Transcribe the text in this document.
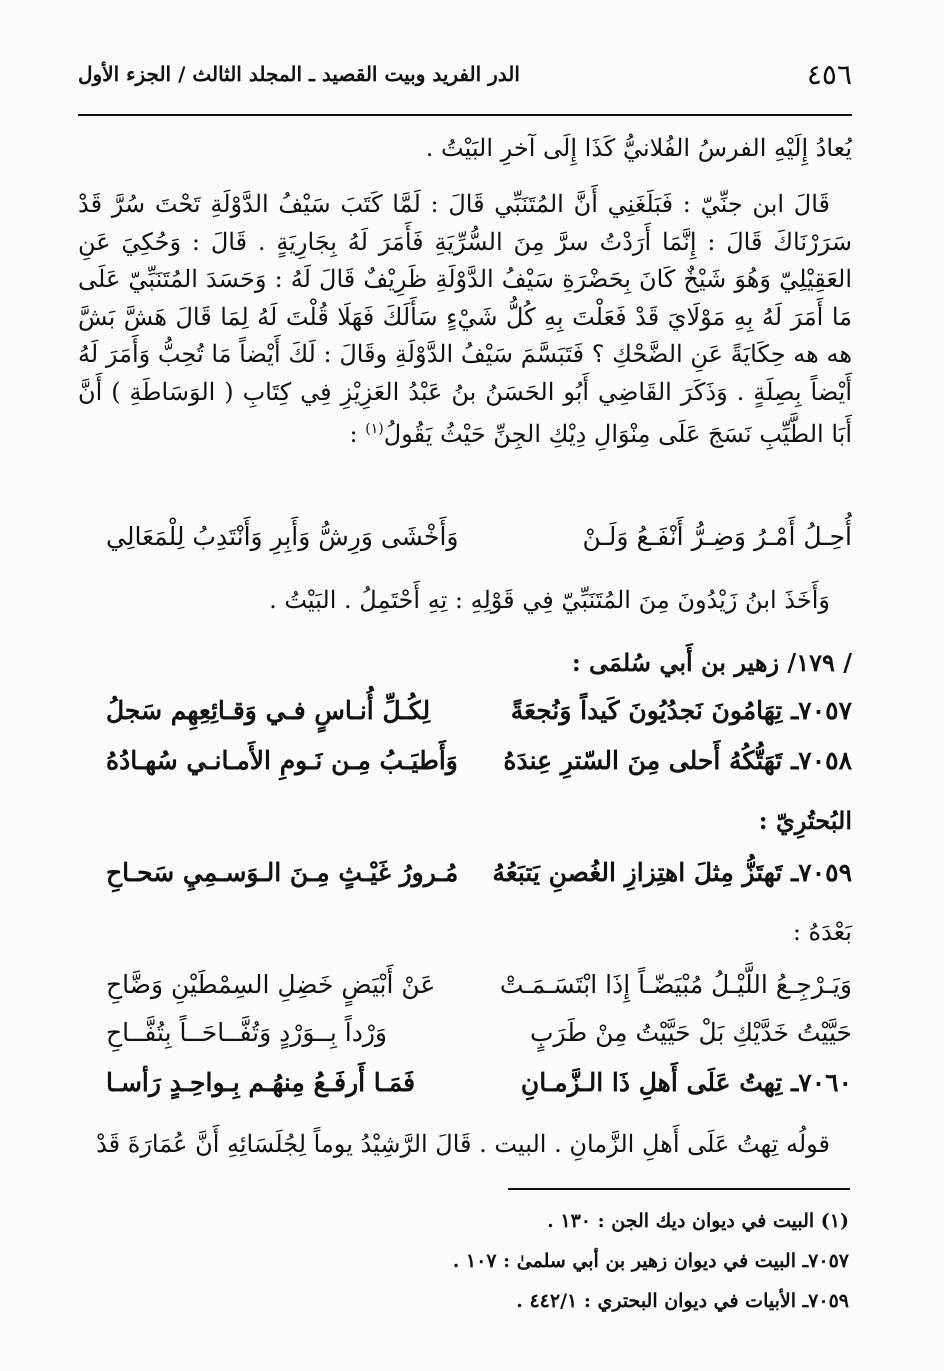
٤٥٦
الدر الفريد وبيت القصيد ـ المجلد الثالث / الجزء الأول
يُعادُ إِلَيْهِ الفرسُ الفُلانيُّ كَذَا إِلَى آخرِ البَيْتُ .
قَالَ ابن جنِّيّ : فَبَلَغَنِي أَنَّ المُتَنَبِّي قَالَ : لَمَّا كَتَبَ سَيْفُ الدَّوْلَةِ تَحْتَ سُرَّ قَدْ سَرَرْنَاكَ قَالَ : إِنَّمَا أَرَدْتُ سرَّ مِنَ السُّرِّيَةِ فَأَمَرَ لَهُ بِجَارِيَةٍ . قَالَ : وَحُكِيَ عَنِ العَقِيْلِيّ وَهُوَ شَيْخٌ كَانَ بِحَضْرَةِ سَيْفُ الدَّوْلَةِ ظَرِيْفٌ قَالَ لَهُ : وَحَسَدَ المُتَنَبِّيّ عَلَى مَا أَمَرَ لَهُ بِهِ مَوْلَايَ قَدْ فَعَلْتَ بِهِ كُلُّ شَيْءٍ سَأَلَكَ فَهَلَا قُلْتَ لَهُ لِمَا قَالَ هَشَّ بَشَّ هه هه حِكَايَةً عَنِ الضَّحْكِ ؟ فَتَبَسَّمَ سَيْفُ الدَّوْلَةِ وقَالَ : لَكَ أَيْضاً مَا تُحِبُّ وَأَمَرَ لَهُ أَيْضاً بِصِلَةٍ . وَذَكَرَ القَاضِي أَبُو الحَسَنُ بنُ عَبْدُ العَزِيْزِ فِي كِتَابِ ( الوَسَاطَةِ ) أَنَّ أَبَا الطَّيِّبِ نَسَجَ عَلَى مِنْوَالِ دِيْكِ الجِنِّ حَيْثُ يَقُولُ$^{(١)}$ :
أُحِـلُ أَمْـرُ وَضِـرُّ أَنْفَـعُ وَلَـنْ
وَأَخْشَى وَرِشُّ وَأَبِرِ وَأَنْتَدِبُ لِلْمَعَالِي
وَأَخَذَ ابنُ زَيْدُونَ مِنَ المُتَنَبِّيّ فِي قَوْلِهِ : تِهِ أَحْتَمِلُ . البَيْتُ .
/ ١٧٩/ زهير بن أَبي سُلمَى :
٧٠٥٧ـ تِهَامُونَ نَجدُيُونَ كَيداً وَنُجعَةً
لِكُـلِّ أُنـاسٍ فـي وَقـائِعِهِم سَجلُ
٧٠٥٨ـ تَهَتُّكُهُ أَحلى مِنَ السّترِ عِندَهُ
وَأَطيَـبُ مِـن نَـومِ الأَمـانـي سُهـادُهُ
البُحتُرِيّ :
٧٠٥٩ـ تَهتَزُّ مِثلَ اهتِزازِ الغُصنِ يَتبَعُهُ
مُـرورُ غَيْـثٍ مِـنَ الـوَسـمِيِ سَحـاحِ
بَعْدَهُ :
وَيَـرْجِـعُ اللَّيْـلُ مُبْيَضّـاً إِذَا ابْتَسَـمَـتْ
عَنْ أَبْيَضٍ خَضِلِ السِمْطَيْنِ وَضَّاحِ
حَيَّيْتُ خَدَّيْكِ بَلْ حَيَّيْتُ مِنْ طَرَبٍ
وَرْداً بِــوَرْدٍ وَتُفَّــاحَــاً بِتُفَّــاحِ
٧٠٦٠ـ تِهتُ عَلَى أَهلِ ذَا الـزَّمـانِ
فَمَـا أَرفَـعُ مِنهُـم بِـواحِـدٍ رَأسـا
قولُه تِهتُ عَلَى أَهلِ الزَّمانِ . البيت . قَالَ الرَّشِيْدُ يوماً لِجُلَسَائِهِ أَنَّ عُمَارَةَ قَدْ
(١) البيت في ديوان ديك الجن : ١٣٠ .
٧٠٥٧ـ البيت في ديوان زهير بن أبي سلمىٰ : ١٠٧ .
٧٠٥٩ـ الأبيات في ديوان البحتري : ٤٤٢/١ .
